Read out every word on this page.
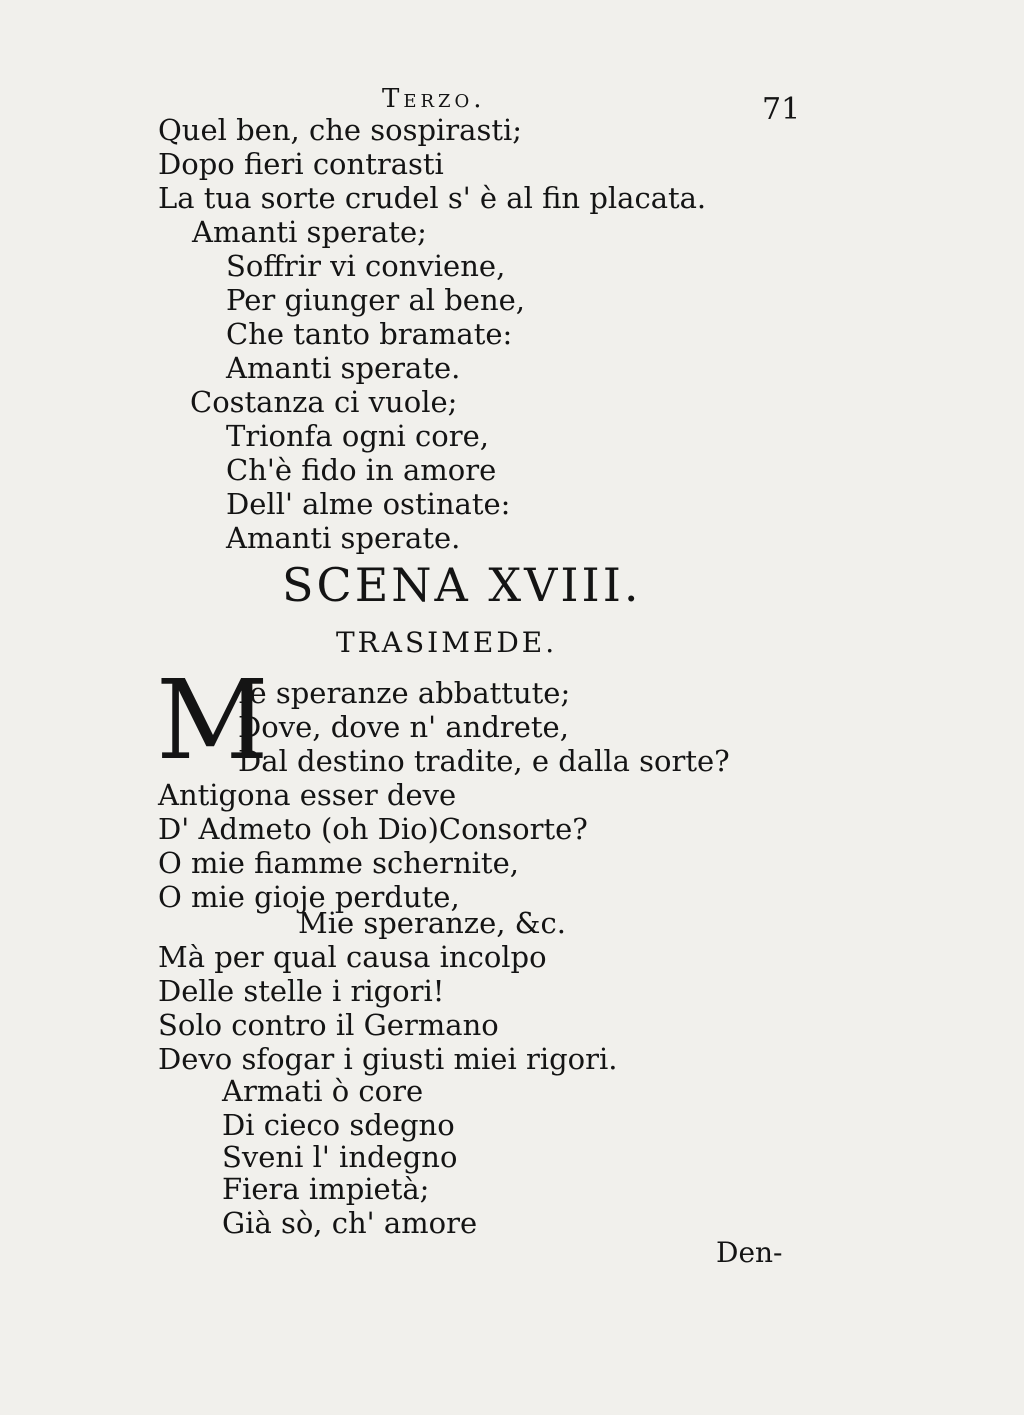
Terzo.	71
Quel ben, che sospirasti;
Dopo fieri contrasti
La tua sorte crudel s' è al fin placata.
Amanti sperate;
Soffrir vi conviene,
Per giunger al bene,
Che tanto bramate:
Amanti sperate.
Costanza ci vuole;
Trionfa ogni core,
Ch'è fido in amore
Dell' alme ostinate:
Amanti sperate.
SCENA XVIII.
TRASIMEDE.
M
Ie speranze abbattute;
Dove, dove n' andrete,
Dal destino tradite, e dalla sorte?
Antigona esser deve
D' Admeto (oh Dio)Consorte?
O mie fiamme schernite,
O mie gioje perdute,
Mie speranze, &c.
Mà per qual causa incolpo
Delle stelle i rigori!
Solo contro il Germano
Devo sfogar i giusti miei rigori.
Armati ò core
Di cieco sdegno
Sveni l' indegno
Fiera impietà;
Già sò, ch' amore
Den-
